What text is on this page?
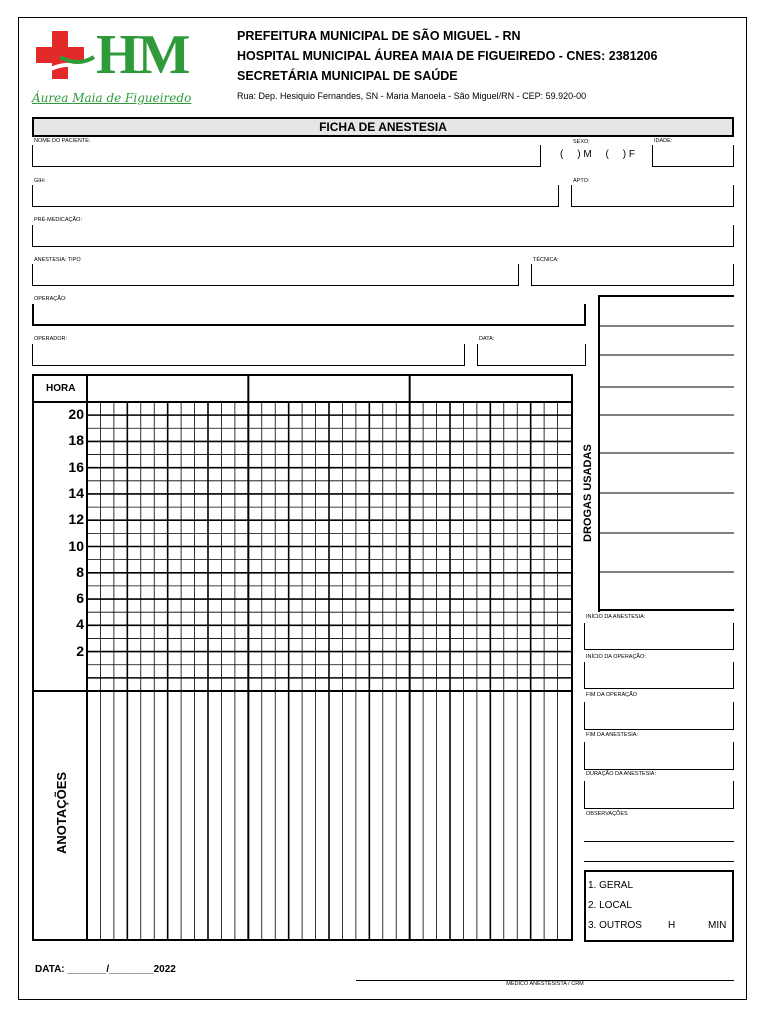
HM
Áurea Maia de Figueiredo
PREFEITURA MUNICIPAL DE SÃO MIGUEL - RN
HOSPITAL MUNICIPAL ÁUREA MAIA DE FIGUEIREDO - CNES: 2381206
SECRETÁRIA MUNICIPAL DE SAÚDE
Rua: Dep. Hesiquio Fernandes, SN - Maria Manoela - São Miguel/RN - CEP: 59.920-00
FICHA DE ANESTESIA
NOME DO PACIENTE:	SEXO:
(     ) M     (     ) F
IDADE:
GIH:	APTO:
PRÉ-MEDICAÇÃO:
ANESTESIA: TIPO	TÉCNICA:
OPERAÇÃO:
OPERADOR:	DATA:
HORA
20
18
16
14
12
10
8
6
4
2
ANOTAÇÕES
DROGAS USADAS
INÍCIO DA ANESTESIA:
INÍCIO DA OPERAÇÃO:
FIM DA OPERAÇÃO
FIM DA ANESTESIA:
DURAÇÃO DA ANESTESIA:
OBSERVAÇÕES
1. GERAL
2. LOCAL
3. OUTROS	H	MIN
DATA: _______/________2022
MÉDICO ANESTESISTA / CRM
